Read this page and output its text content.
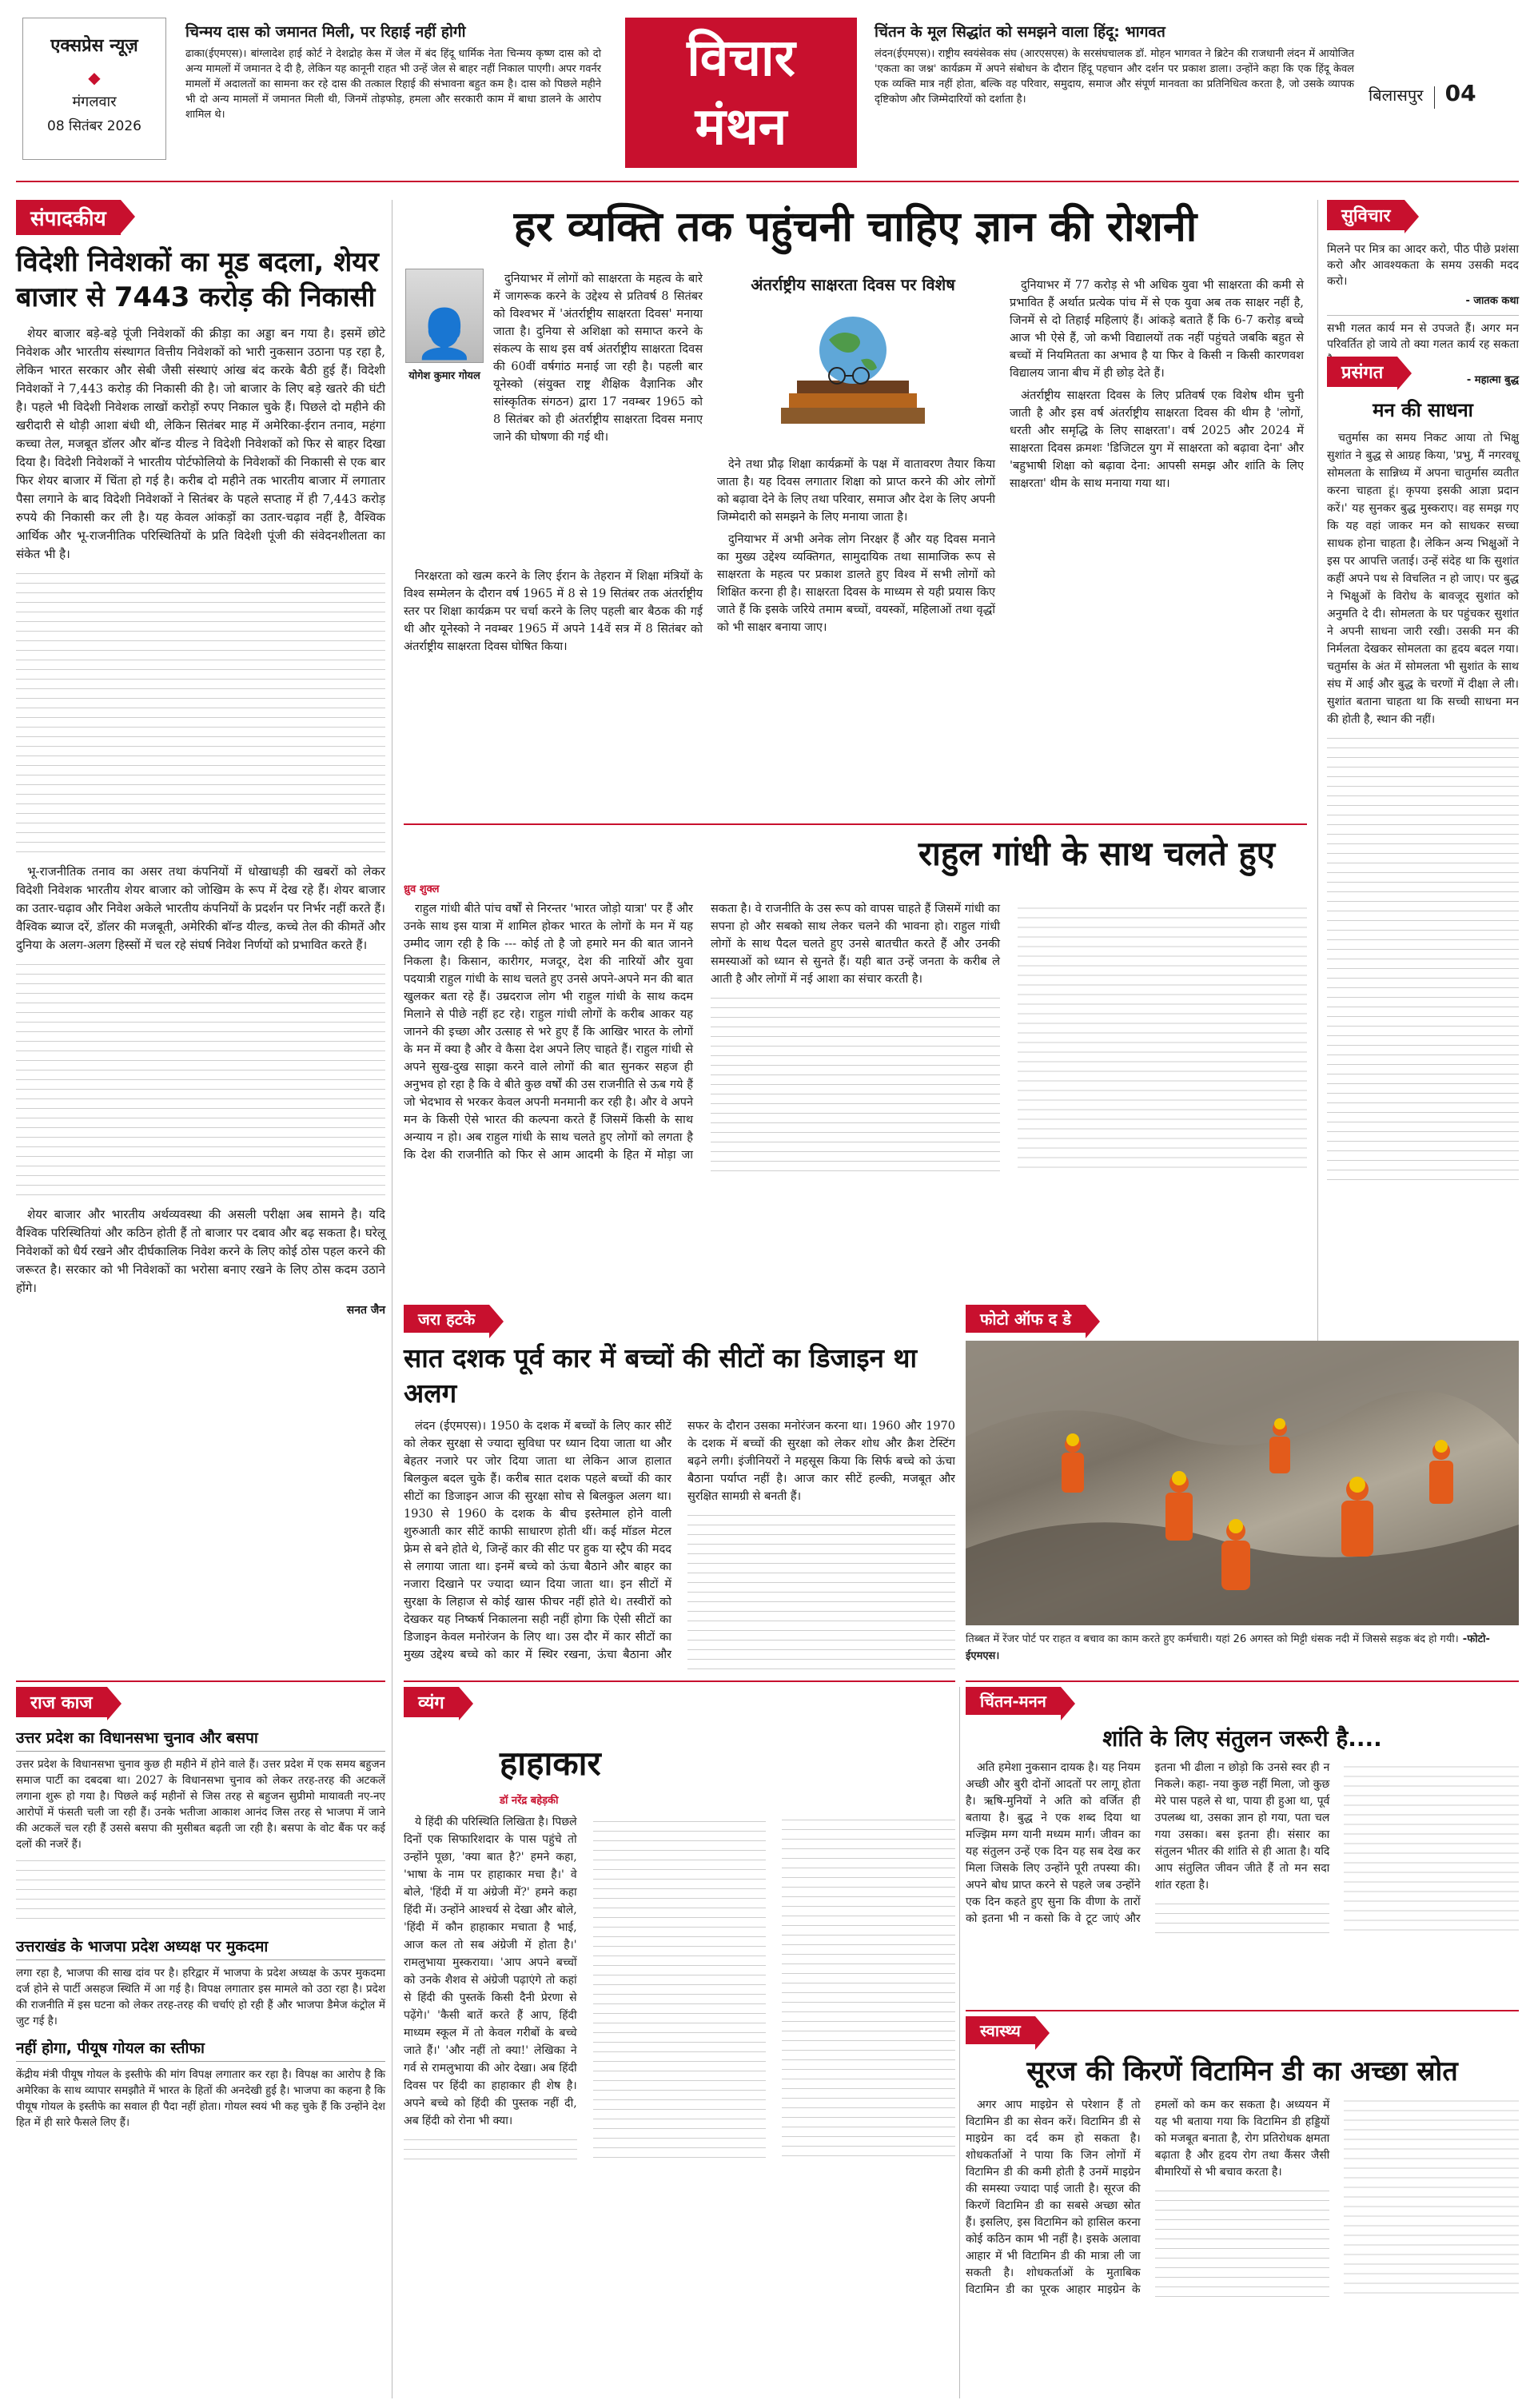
एक्सप्रेस न्यूज़
◆
मंगलवार
08 सितंबर 2026
चिन्मय दास को जमानत मिली, पर रिहाई नहीं होगी
ढाका(ईएमएस)। बांग्लादेश हाई कोर्ट ने देशद्रोह केस में जेल में बंद हिंदू धार्मिक नेता चिन्मय कृष्ण दास को दो अन्य मामलों में जमानत दे दी है, लेकिन यह कानूनी राहत भी उन्हें जेल से बाहर नहीं निकाल पाएगी। अपर गवर्नर मामलों में अदालतों का सामना कर रहे दास की तत्काल रिहाई की संभावना बहुत कम है। दास को पिछले महीने भी दो अन्य मामलों में जमानत मिली थी, जिनमें तोड़फोड़, हमला और सरकारी काम में बाधा डालने के आरोप शामिल थे।
विचार
मंथन
चिंतन के मूल सिद्धांत को समझने वाला हिंदू: भागवत
लंदन(ईएमएस)। राष्ट्रीय स्वयंसेवक संघ (आरएसएस) के सरसंघचालक डॉ. मोहन भागवत ने ब्रिटेन की राजधानी लंदन में आयोजित 'एकता का जश्न' कार्यक्रम में अपने संबोधन के दौरान हिंदू पहचान और दर्शन पर प्रकाश डाला। उन्होंने कहा कि एक हिंदू केवल एक व्यक्ति मात्र नहीं होता, बल्कि वह परिवार, समुदाय, समाज और संपूर्ण मानवता का प्रतिनिधित्व करता है, जो उसके व्यापक दृष्टिकोण और जिम्मेदारियों को दर्शाता है।	बिलासपुर 04
संपादकीय
विदेशी निवेशकों का मूड बदला, शेयर बाजार से 7443 करोड़ की निकासी

शेयर बाजार बड़े-बड़े पूंजी निवेशकों की क्रीड़ा का अड्डा बन गया है। इसमें छोटे निवेशक और भारतीय संस्थागत वित्तीय निवेशकों को भारी नुकसान उठाना पड़ रहा है, लेकिन भारत सरकार और सेबी जैसी संस्थाएं आंख बंद करके बैठी हुई हैं। विदेशी निवेशकों ने 7,443 करोड़ की निकासी की है। जो बाजार के लिए बड़े खतरे की घंटी है। पहले भी विदेशी निवेशक लाखों करोड़ों रुपए निकाल चुके हैं। पिछले दो महीने की खरीदारी से थोड़ी आशा बंधी थी, लेकिन सितंबर माह में अमेरिका-ईरान तनाव, महंगा कच्चा तेल, मजबूत डॉलर और बॉन्ड यील्ड ने विदेशी निवेशकों को फिर से बाहर दिखा दिया है। विदेशी निवेशकों ने भारतीय पोर्टफोलियो के निवेशकों की निकासी से एक बार फिर शेयर बाजार में चिंता हो गई है। करीब दो महीने तक भारतीय बाजार में लगातार पैसा लगाने के बाद विदेशी निवेशकों ने सितंबर के पहले सप्ताह में ही 7,443 करोड़ रुपये की निकासी कर ली है। यह केवल आंकड़ों का उतार-चढ़ाव नहीं है, वैश्विक आर्थिक और भू-राजनीतिक परिस्थितियों के प्रति विदेशी पूंजी की संवेदनशीलता का संकेत भी है।

भू-राजनीतिक तनाव का असर तथा कंपनियों में धोखाधड़ी की खबरों को लेकर विदेशी निवेशक भारतीय शेयर बाजार को जोखिम के रूप में देख रहे हैं। शेयर बाजार का उतार-चढ़ाव और निवेश अकेले भारतीय कंपनियों के प्रदर्शन पर निर्भर नहीं करते हैं। वैश्विक ब्याज दरें, डॉलर की मजबूती, अमेरिकी बॉन्ड यील्ड, कच्चे तेल की कीमतें और दुनिया के अलग-अलग हिस्सों में चल रहे संघर्ष निवेश निर्णयों को प्रभावित करते हैं।

शेयर बाजार और भारतीय अर्थव्यवस्था की असली परीक्षा अब सामने है। यदि वैश्विक परिस्थितियां और कठिन होती हैं तो बाजार पर दबाव और बढ़ सकता है। घरेलू निवेशकों को धैर्य रखने और दीर्घकालिक निवेश करने के लिए कोई ठोस पहल करने की जरूरत है। सरकार को भी निवेशकों का भरोसा बनाए रखने के लिए ठोस कदम उठाने होंगे।

सनत जैन
हर व्यक्ति तक पहुंचनी चाहिए ज्ञान की रोशनी
👤
योगेश कुमार गोयल
अंतर्राष्ट्रीय साक्षरता दिवस पर विशेष

दुनियाभर में लोगों को साक्षरता के महत्व के बारे में जागरूक करने के उद्देश्य से प्रतिवर्ष 8 सितंबर को विश्वभर में 'अंतर्राष्ट्रीय साक्षरता दिवस' मनाया जाता है। दुनिया से अशिक्षा को समाप्त करने के संकल्प के साथ इस वर्ष अंतर्राष्ट्रीय साक्षरता दिवस की 60वीं वर्षगांठ मनाई जा रही है। पहली बार यूनेस्को (संयुक्त राष्ट्र शैक्षिक वैज्ञानिक और सांस्कृतिक संगठन) द्वारा 17 नवम्बर 1965 को 8 सितंबर को ही अंतर्राष्ट्रीय साक्षरता दिवस मनाए जाने की घोषणा की गई थी।

निरक्षरता को खत्म करने के लिए ईरान के तेहरान में शिक्षा मंत्रियों के विश्व सम्मेलन के दौरान वर्ष 1965 में 8 से 19 सितंबर तक अंतर्राष्ट्रीय स्तर पर शिक्षा कार्यक्रम पर चर्चा करने के लिए पहली बार बैठक की गई थी और यूनेस्को ने नवम्बर 1965 में अपने 14वें सत्र में 8 सितंबर को अंतर्राष्ट्रीय साक्षरता दिवस घोषित किया।

देने तथा प्रौढ़ शिक्षा कार्यक्रमों के पक्ष में वातावरण तैयार किया जाता है। यह दिवस लगातार शिक्षा को प्राप्त करने की ओर लोगों को बढ़ावा देने के लिए तथा परिवार, समाज और देश के लिए अपनी जिम्मेदारी को समझने के लिए मनाया जाता है।

दुनियाभर में अभी अनेक लोग निरक्षर हैं और यह दिवस मनाने का मुख्य उद्देश्य व्यक्तिगत, सामुदायिक तथा सामाजिक रूप से साक्षरता के महत्व पर प्रकाश डालते हुए विश्व में सभी लोगों को शिक्षित करना ही है। साक्षरता दिवस के माध्यम से यही प्रयास किए जाते हैं कि इसके जरिये तमाम बच्चों, वयस्कों, महिलाओं तथा वृद्धों को भी साक्षर बनाया जाए।

दुनियाभर में 77 करोड़ से भी अधिक युवा भी साक्षरता की कमी से प्रभावित हैं अर्थात प्रत्येक पांच में से एक युवा अब तक साक्षर नहीं है, जिनमें से दो तिहाई महिलाएं हैं। आंकड़े बताते हैं कि 6-7 करोड़ बच्चे आज भी ऐसे हैं, जो कभी विद्यालयों तक नहीं पहुंचते जबकि बहुत से बच्चों में नियमितता का अभाव है या फिर वे किसी न किसी कारणवश विद्यालय जाना बीच में ही छोड़ देते हैं।

अंतर्राष्ट्रीय साक्षरता दिवस के लिए प्रतिवर्ष एक विशेष थीम चुनी जाती है और इस वर्ष अंतर्राष्ट्रीय साक्षरता दिवस की थीम है 'लोगों, धरती और समृद्धि के लिए साक्षरता'। वर्ष 2025 और 2024 में साक्षरता दिवस क्रमशः 'डिजिटल युग में साक्षरता को बढ़ावा देना' और 'बहुभाषी शिक्षा को बढ़ावा देना: आपसी समझ और शांति के लिए साक्षरता' थीम के साथ मनाया गया था।

सुविचार
मिलने पर मित्र का आदर करो, पीठ पीछे प्रशंसा करो और आवश्यकता के समय उसकी मदद करो।
- जातक कथा
सभी गलत कार्य मन से उपजते हैं। अगर मन परिवर्तित हो जाये तो क्या गलत कार्य रह सकता
- महात्मा बुद्ध
प्रसंगत
मन की साधना

चतुर्मास का समय निकट आया तो भिक्षु सुशांत ने बुद्ध से आग्रह किया, 'प्रभु, मैं नगरवधू सोमलता के सान्निध्य में अपना चातुर्मास व्यतीत करना चाहता हूं। कृपया इसकी आज्ञा प्रदान करें।' यह सुनकर बुद्ध मुस्कराए। वह समझ गए कि यह वहां जाकर मन को साधकर सच्चा साधक होना चाहता है। लेकिन अन्य भिक्षुओं ने इस पर आपत्ति जताई। उन्हें संदेह था कि सुशांत कहीं अपने पथ से विचलित न हो जाए। पर बुद्ध ने भिक्षुओं के विरोध के बावजूद सुशांत को अनुमति दे दी। सोमलता के घर पहुंचकर सुशांत ने अपनी साधना जारी रखी। उसकी मन की निर्मलता देखकर सोमलता का हृदय बदल गया। चतुर्मास के अंत में सोमलता भी सुशांत के साथ संघ में आई और बुद्ध के चरणों में दीक्षा ले ली। सुशांत बताना चाहता था कि सच्ची साधना मन की होती है, स्थान की नहीं।

राहुल गांधी के साथ चलते हुए
ध्रुव शुक्ल

राहुल गांधी बीते पांच वर्षों से निरन्तर 'भारत जोड़ो यात्रा' पर हैं और उनके साथ इस यात्रा में शामिल होकर भारत के लोगों के मन में यह उम्मीद जाग रही है कि --- कोई तो है जो हमारे मन की बात जानने निकला है। किसान, कारीगर, मजदूर, देश की नारियों और युवा पदयात्री राहुल गांधी के साथ चलते हुए उनसे अपने-अपने मन की बात खुलकर बता रहे हैं। उम्रदराज लोग भी राहुल गांधी के साथ कदम मिलाने से पीछे नहीं हट रहे। राहुल गांधी लोगों के करीब आकर यह जानने की इच्छा और उत्साह से भरे हुए हैं कि आखिर भारत के लोगों के मन में क्या है और वे कैसा देश अपने लिए चाहते हैं। राहुल गांधी से अपने सुख-दुख साझा करने वाले लोगों की बात सुनकर सहज ही अनुभव हो रहा है कि वे बीते कुछ वर्षों की उस राजनीति से ऊब गये हैं जो भेदभाव से भरकर केवल अपनी मनमानी कर रही है। और वे अपने मन के किसी ऐसे भारत की कल्पना करते हैं जिसमें किसी के साथ अन्याय न हो। अब राहुल गांधी के साथ चलते हुए लोगों को लगता है कि देश की राजनीति को फिर से आम आदमी के हित में मोड़ा जा सकता है। वे राजनीति के उस रूप को वापस चाहते हैं जिसमें गांधी का सपना हो और सबको साथ लेकर चलने की भावना हो। राहुल गांधी लोगों के साथ पैदल चलते हुए उनसे बातचीत करते हैं और उनकी समस्याओं को ध्यान से सुनते हैं। यही बात उन्हें जनता के करीब ले आती है और लोगों में नई आशा का संचार करती है।

जरा हटके
सात दशक पूर्व कार में बच्चों की सीटों का डिजाइन था अलग

लंदन (ईएमएस)। 1950 के दशक में बच्चों के लिए कार सीटें को लेकर सुरक्षा से ज्यादा सुविधा पर ध्यान दिया जाता था और बेहतर नजारे पर जोर दिया जाता था लेकिन आज हालात बिलकुल बदल चुके हैं। करीब सात दशक पहले बच्चों की कार सीटों का डिजाइन आज की सुरक्षा सोच से बिलकुल अलग था। 1930 से 1960 के दशक के बीच इस्तेमाल होने वाली शुरुआती कार सीटें काफी साधारण होती थीं। कई मॉडल मेटल फ्रेम से बने होते थे, जिन्हें कार की सीट पर हुक या स्ट्रैप की मदद से लगाया जाता था। इनमें बच्चे को ऊंचा बैठाने और बाहर का नजारा दिखाने पर ज्यादा ध्यान दिया जाता था। इन सीटों में सुरक्षा के लिहाज से कोई खास फीचर नहीं होते थे। तस्वीरों को देखकर यह निष्कर्ष निकालना सही नहीं होगा कि ऐसी सीटों का डिजाइन केवल मनोरंजन के लिए था। उस दौर में कार सीटों का मुख्य उद्देश्य बच्चे को कार में स्थिर रखना, ऊंचा बैठाना और सफर के दौरान उसका मनोरंजन करना था। 1960 और 1970 के दशक में बच्चों की सुरक्षा को लेकर शोध और क्रैश टेस्टिंग बढ़ने लगी। इंजीनियरों ने महसूस किया कि सिर्फ बच्चे को ऊंचा बैठाना पर्याप्त नहीं है। आज कार सीटें हल्की, मजबूत और सुरक्षित सामग्री से बनती हैं।

फोटो ऑफ द डे
तिब्बत में रेंजर पोर्ट पर राहत व बचाव का काम करते हुए कर्मचारी। यहां 26 अगस्त को मिट्टी धंसक नदी में जिससे सड़क बंद हो गयी। -फोटो- ईएमएस।
राज काज
उत्तर प्रदेश का विधानसभा चुनाव और बसपा
उत्तर प्रदेश के विधानसभा चुनाव कुछ ही महीने में होने वाले हैं। उत्तर प्रदेश में एक समय बहुजन समाज पार्टी का दबदबा था। 2027 के विधानसभा चुनाव को लेकर तरह-तरह की अटकलें लगाना शुरू हो गया है। पिछले कई महीनों से जिस तरह से बहुजन सुप्रीमो मायावती नए-नए आरोपों में फंसती चली जा रही हैं। उनके भतीजा आकाश आनंद जिस तरह से भाजपा में जाने की अटकलें चल रही हैं उससे बसपा की मुसीबत बढ़ती जा रही है। बसपा के वोट बैंक पर कई दलों की नजरें हैं।
उत्तराखंड के भाजपा प्रदेश अध्यक्ष पर मुकदमा
लगा रहा है, भाजपा की साख दांव पर है। हरिद्वार में भाजपा के प्रदेश अध्यक्ष के ऊपर मुकदमा दर्ज होने से पार्टी असहज स्थिति में आ गई है। विपक्ष लगातार इस मामले को उठा रहा है। प्रदेश की राजनीति में इस घटना को लेकर तरह-तरह की चर्चाएं हो रही हैं और भाजपा डैमेज कंट्रोल में जुट गई है।
नहीं होगा, पीयूष गोयल का स्तीफा
केंद्रीय मंत्री पीयूष गोयल के इस्तीफे की मांग विपक्ष लगातार कर रहा है। विपक्ष का आरोप है कि अमेरिका के साथ व्यापार समझौते में भारत के हितों की अनदेखी हुई है। भाजपा का कहना है कि पीयूष गोयल के इस्तीफे का सवाल ही पैदा नहीं होता। गोयल स्वयं भी कह चुके हैं कि उन्होंने देश हित में ही सारे फैसले लिए हैं।
व्यंग
हाहाकार
डॉ नरेंद्र बहेड़की

ये हिंदी की परिस्थिति लिखिता है। पिछले दिनों एक सिफारिशदार के पास पहुंचे तो उन्होंने पूछा, 'क्या बात है?' हमने कहा, 'भाषा के नाम पर हाहाकार मचा है।' वे बोले, 'हिंदी में या अंग्रेजी में?' हमने कहा हिंदी में। उन्होंने आश्चर्य से देखा और बोले, 'हिंदी में कौन हाहाकार मचाता है भाई, आज कल तो सब अंग्रेजी में होता है।' रामलुभाया मुस्कराया। 'आप अपने बच्चों को उनके शैशव से अंग्रेजी पढ़ाएंगे तो कहां से हिंदी की पुस्तकें किसी दैनी प्रेरणा से पढ़ेंगे।' 'कैसी बातें करते हैं आप, हिंदी माध्यम स्कूल में तो केवल गरीबों के बच्चे जाते हैं।' 'और नहीं तो क्या!' लेखिका ने गर्व से रामलुभाया की ओर देखा। अब हिंदी दिवस पर हिंदी का हाहाकार ही शेष है। अपने बच्चे को हिंदी की पुस्तक नहीं दी, अब हिंदी को रोना भी क्या।

चिंतन-मनन
शांति के लिए संतुलन जरूरी है....

अति हमेशा नुकसान दायक है। यह नियम अच्छी और बुरी दोनों आदतों पर लागू होता है। ऋषि-मुनियों ने अति को वर्जित ही बताया है। बुद्ध ने एक शब्द दिया था मज्झिम मग्ग यानी मध्यम मार्ग। जीवन का यह संतुलन उन्हें एक दिन यह सब देख कर मिला जिसके लिए उन्होंने पूरी तपस्या की। अपने बोध प्राप्त करने से पहले जब उन्होंने एक दिन कहते हुए सुना कि वीणा के तारों को इतना भी न कसो कि वे टूट जाएं और इतना भी ढीला न छोड़ो कि उनसे स्वर ही न निकले। कहा- नया कुछ नहीं मिला, जो कुछ मेरे पास पहले से था, पाया ही हुआ था, पूर्व उपलब्ध था, उसका ज्ञान हो गया, पता चल गया उसका। बस इतना ही। संसार का संतुलन भीतर की शांति से ही आता है। यदि आप संतुलित जीवन जीते हैं तो मन सदा शांत रहता है।

स्वास्थ्य
सूरज की किरणें विटामिन डी का अच्छा स्रोत

अगर आप माइग्रेन से परेशान हैं तो विटामिन डी का सेवन करें। विटामिन डी से माइग्रेन का दर्द कम हो सकता है। शोधकर्ताओं ने पाया कि जिन लोगों में विटामिन डी की कमी होती है उनमें माइग्रेन की समस्या ज्यादा पाई जाती है। सूरज की किरणें विटामिन डी का सबसे अच्छा स्रोत हैं। इसलिए, इस विटामिन को हासिल करना कोई कठिन काम भी नहीं है। इसके अलावा आहार में भी विटामिन डी की मात्रा ली जा सकती है। शोधकर्ताओं के मुताबिक विटामिन डी का पूरक आहार माइग्रेन के हमलों को कम कर सकता है। अध्ययन में यह भी बताया गया कि विटामिन डी हड्डियों को मजबूत बनाता है, रोग प्रतिरोधक क्षमता बढ़ाता है और हृदय रोग तथा कैंसर जैसी बीमारियों से भी बचाव करता है।
